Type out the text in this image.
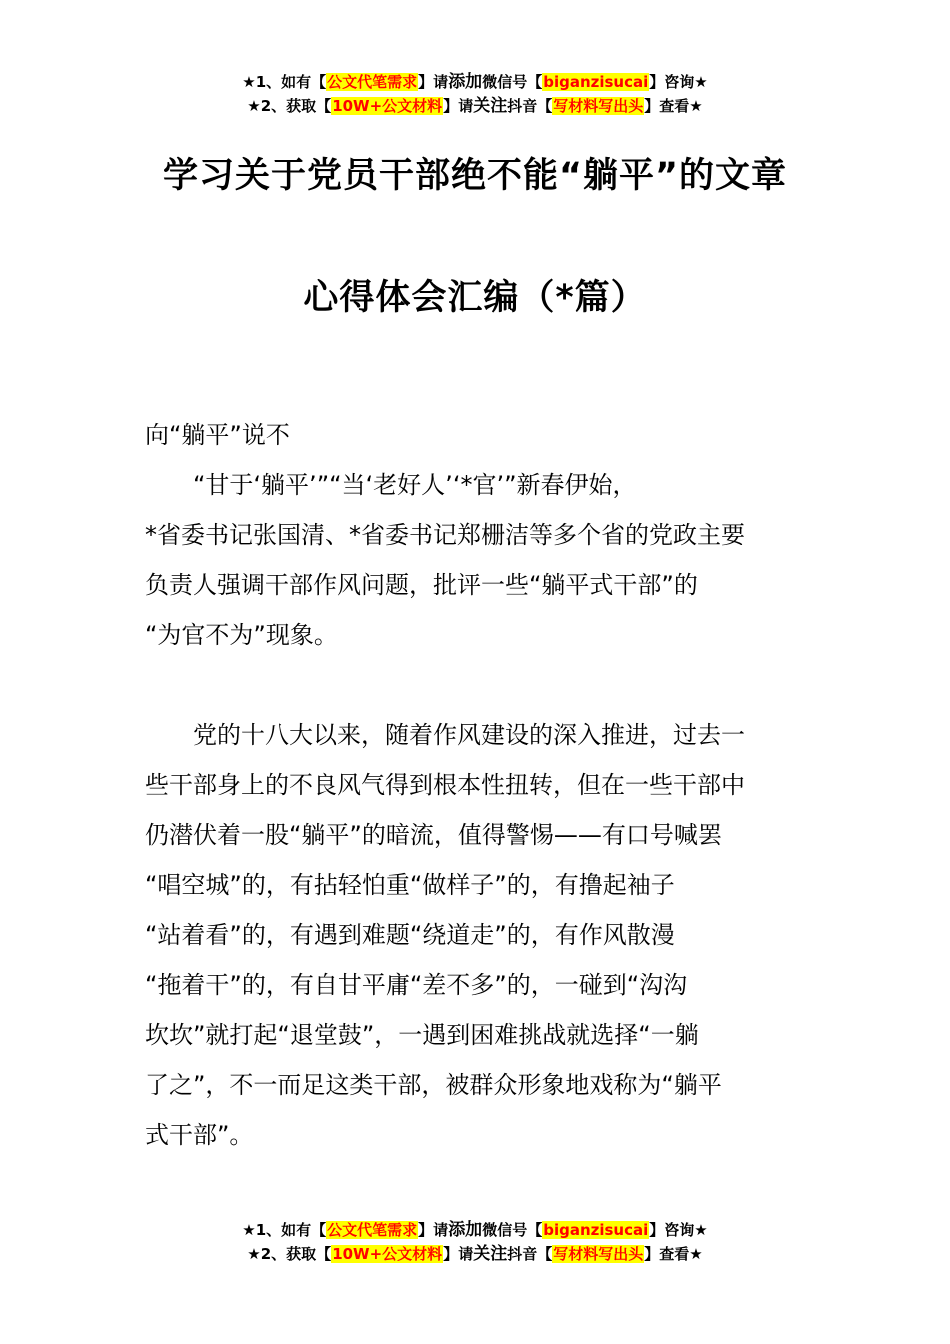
★1、如有【公文代笔需求】请添加微信号【biganzisucai】咨询★
★2、获取【10W+公文材料】请关注抖音【写材料写出头】查看★
学习关于党员干部绝不能“躺平”的文章
心得体会汇编（*篇）
向“躺平”说不
　　“甘于‘躺平’”“当‘老好人’‘*官’”新春伊始，
*省委书记张国清、*省委书记郑栅洁等多个省的党政主要
负责人强调干部作风问题，批评一些“躺平式干部”的
“为官不为”现象。
　　党的十八大以来，随着作风建设的深入推进，过去一
些干部身上的不良风气得到根本性扭转，但在一些干部中
仍潜伏着一股“躺平”的暗流，值得警惕——有口号喊罢
“唱空城”的，有拈轻怕重“做样子”的，有撸起袖子
“站着看”的，有遇到难题“绕道走”的，有作风散漫
“拖着干”的，有自甘平庸“差不多”的，一碰到“沟沟
坎坎”就打起“退堂鼓”，一遇到困难挑战就选择“一躺
了之”，不一而足这类干部，被群众形象地戏称为“躺平
式干部”。
★1、如有【公文代笔需求】请添加微信号【biganzisucai】咨询★
★2、获取【10W+公文材料】请关注抖音【写材料写出头】查看★
